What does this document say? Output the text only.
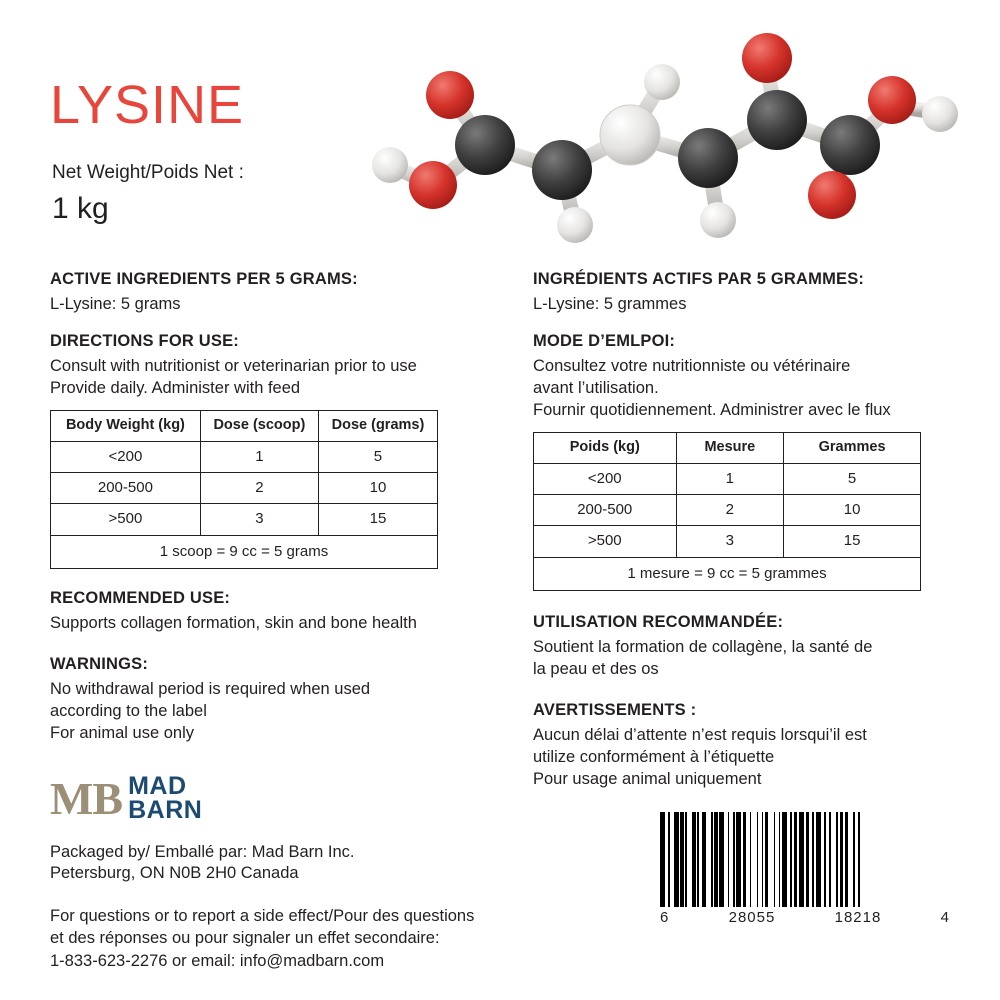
LYSINE
Net Weight/Poids Net :
1 kg
ACTIVE INGREDIENTS PER 5 GRAMS:
L-Lysine: 5 grams
DIRECTIONS FOR USE:
Consult with nutritionist or veterinarian prior to use
Provide daily. Administer with feed
Body Weight (kg)	Dose (scoop)	Dose (grams)
<200	1	5
200-500	2	10
>500	3	15
1 scoop = 9 cc = 5 grams		
RECOMMENDED USE:
Supports collagen formation, skin and bone health
WARNINGS:
No withdrawal period is required when used
according to the label
For animal use only
INGRÉDIENTS ACTIFS PAR 5 GRAMMES:
L-Lysine: 5 grammes
MODE D’EMLPOI:
Consultez votre nutritionniste ou vétérinaire
avant l’utilisation.
Fournir quotidiennement. Administrer avec le flux
Poids (kg)	Mesure	Grammes
<200	1	5
200-500	2	10
>500	3	15
1 mesure = 9 cc = 5 grammes		
UTILISATION RECOMMANDÉE:
Soutient la formation de collagène, la santé de
la peau et des os
AVERTISSEMENTS :
Aucun délai d’attente n’est requis lorsqui’il est
utilize conformément à l’étiquette
Pour usage animal uniquement
MB MAD
BARN
Packaged by/ Emballé par: Mad Barn Inc.
Petersburg, ON N0B 2H0 Canada
For questions or to report a side effect/Pour des questions
et des réponses ou pour signaler un effet secondaire:
1-833-623-2276 or email: info@madbarn.com
6	28055	18218	4
